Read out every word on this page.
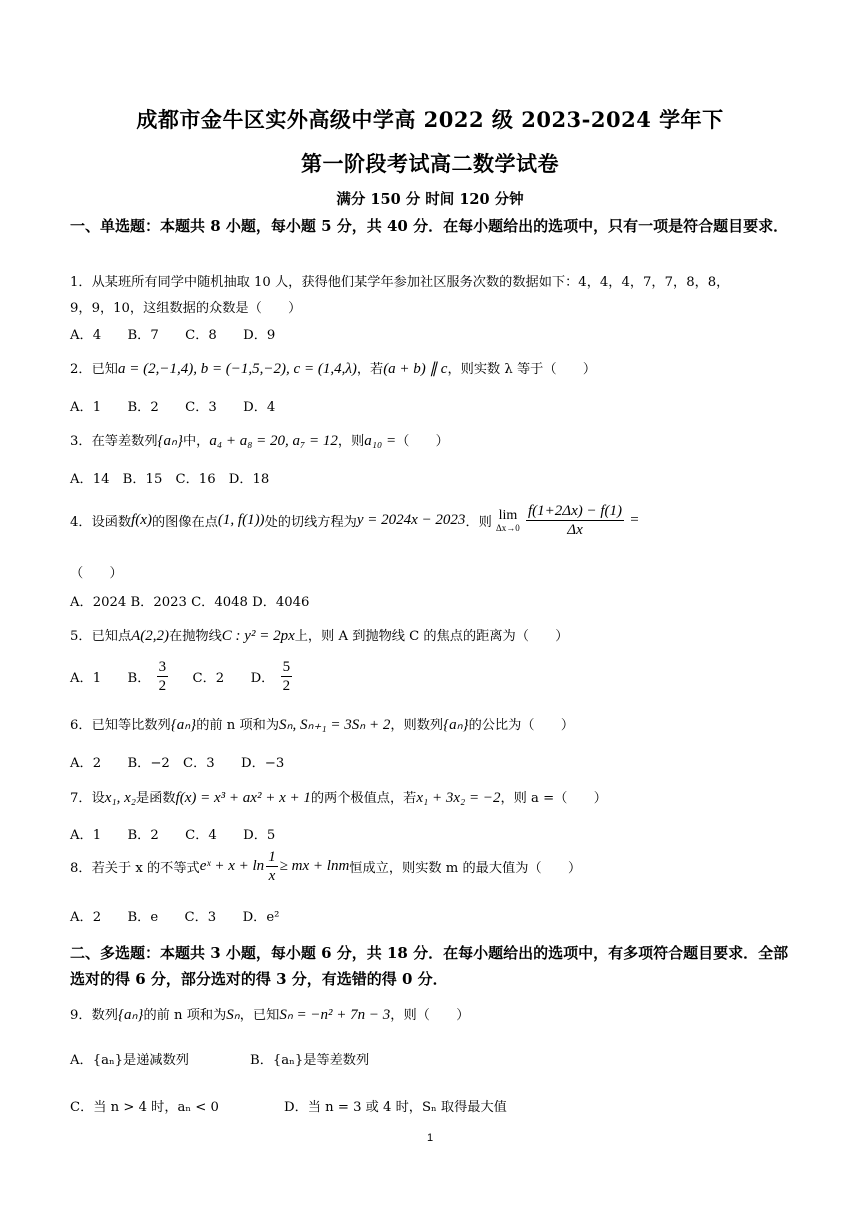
成都市金牛区实外高级中学高 2022 级 2023-2024 学年下
第一阶段考试高二数学试卷
满分 150 分 时间 120 分钟
一、单选题：本题共 8 小题，每小题 5 分，共 40 分．在每小题给出的选项中，只有一项是符合题目要求．
1．从某班所有同学中随机抽取 10 人，获得他们某学年参加社区服务次数的数据如下：4，4，4，7，7，8，8，
9，9，10，这组数据的众数是（　　）
A．4　　B．7　　C．8　　D．9
2．已知a = (2,−1,4), b = (−1,5,−2), c = (1,4,λ)，若(a + b) ∥ c，则实数 λ 等于（　　）
A．1　　B．2　　C．3　　D．4
3．在等差数列{aₙ}中，a₄ + a₈ = 20, a₇ = 12，则a₁₀ =（　　）
A．14　B．15　C．16　D．18
4．设函数f(x)的图像在点(1, f(1))处的切线方程为y = 2024x − 2023．则 lim
Δx→0
$\frac{f(1+2\Delta x) - f(1)}{\Delta x}$ =
（　　）
A．2024 B．2023 C．4048 D．4046
5．已知点A(2,2)在抛物线C : y² = 2px上，则 A 到抛物线 C 的焦点的距离为（　　）
A．1 B． $\frac{3}{2}$ C．2 D． $\frac{5}{2}$
6．已知等比数列{aₙ}的前 n 项和为Sₙ, Sₙ₊₁ = 3Sₙ + 2，则数列{aₙ}的公比为（　　）
A．2　　B．−2　C．3　　D．−3
7．设x₁, x₂是函数f(x) = x³ + ax² + x + 1的两个极值点，若x₁ + 3x₂ = −2，则 a =（　　）
A．1　　B．2　　C．4　　D．5
8．若关于 x 的不等式eˣ + $x + \ln \frac{1}{x}$ ≥ mx + lnm恒成立，则实数 m 的最大值为（　　）
A．2　　B．e　　C．3　　D．e²
二、多选题：本题共 3 小题，每小题 6 分，共 18 分．在每小题给出的选项中，有多项符合题目要求．全部选对的得 6 分，部分选对的得 3 分，有选错的得 0 分．
9．数列{aₙ}的前 n 项和为Sₙ，已知Sₙ = −n² + 7n − 3，则（　　）
A．{aₙ}是递减数列	B．{aₙ}是等差数列
C．当 n > 4 时，aₙ < 0	D．当 n = 3 或 4 时，Sₙ 取得最大值
1
